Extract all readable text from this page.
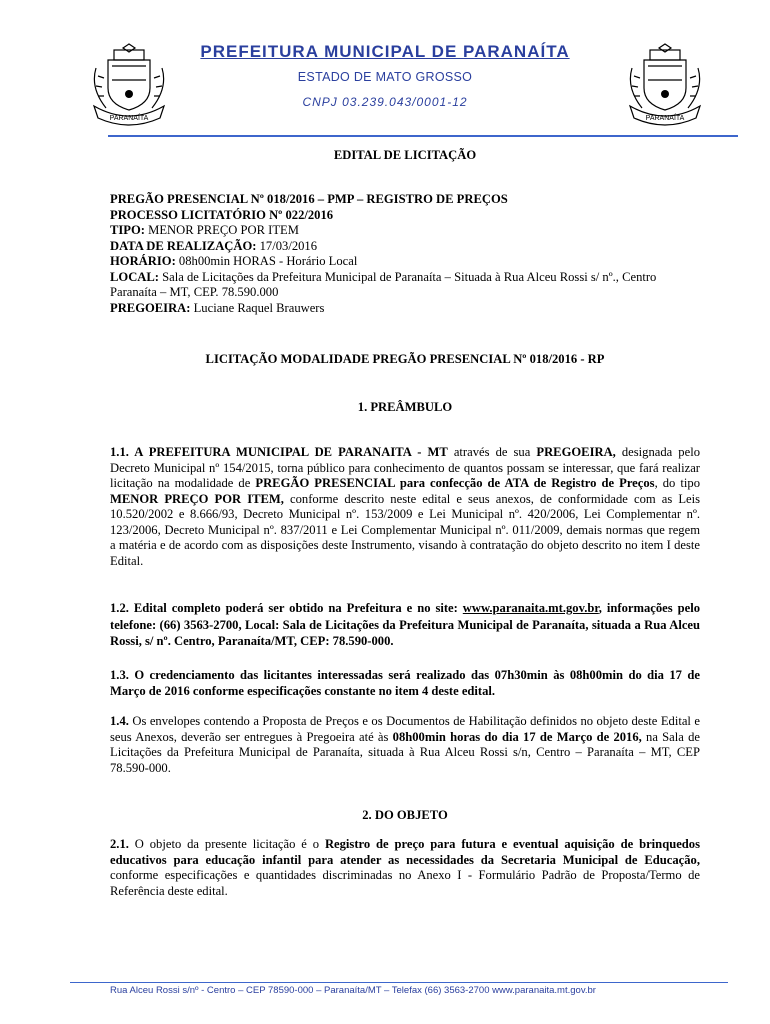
PARANAÍTA	PARANAÍTA
PREFEITURA MUNICIPAL DE PARANAÍTA
ESTADO DE MATO GROSSO
CNPJ 03.239.043/0001-12

EDITAL DE LICITAÇÃO

PREGÃO PRESENCIAL Nº 018/2016 – PMP – REGISTRO DE PREÇOS
PROCESSO LICITATÓRIO Nº 022/2016
TIPO: MENOR PREÇO POR ITEM
DATA DE REALIZAÇÃO: 17/03/2016
HORÁRIO: 08h00min HORAS - Horário Local
LOCAL: Sala de Licitações da Prefeitura Municipal de Paranaíta – Situada à Rua Alceu Rossi s/ nº., Centro Paranaíta – MT, CEP. 78.590.000
PREGOEIRA: Luciane Raquel Brauwers

LICITAÇÃO MODALIDADE PREGÃO PRESENCIAL Nº 018/2016 - RP

1. PREÂMBULO

1.1. A PREFEITURA MUNICIPAL DE PARANAITA - MT através de sua PREGOEIRA, designada pelo Decreto Municipal nº 154/2015, torna público para conhecimento de quantos possam se interessar, que fará realizar licitação na modalidade de PREGÃO PRESENCIAL para confecção de ATA de Registro de Preços, do tipo MENOR PREÇO POR ITEM, conforme descrito neste edital e seus anexos, de conformidade com as Leis 10.520/2002 e 8.666/93, Decreto Municipal nº. 153/2009 e Lei Municipal nº. 420/2006, Lei Complementar nº. 123/2006, Decreto Municipal nº. 837/2011 e Lei Complementar Municipal nº. 011/2009, demais normas que regem a matéria e de acordo com as disposições deste Instrumento, visando à contratação do objeto descrito no item I deste Edital.

1.2. Edital completo poderá ser obtido na Prefeitura e no site: www.paranaita.mt.gov.br, informações pelo telefone: (66) 3563-2700, Local: Sala de Licitações da Prefeitura Municipal de Paranaíta, situada a Rua Alceu Rossi, s/ nº. Centro, Paranaíta/MT, CEP: 78.590-000.

1.3. O credenciamento das licitantes interessadas será realizado das 07h30min às 08h00min do dia 17 de Março de 2016 conforme especificações constante no item 4 deste edital.

1.4. Os envelopes contendo a Proposta de Preços e os Documentos de Habilitação definidos no objeto deste Edital e seus Anexos, deverão ser entregues à Pregoeira até às 08h00min horas do dia 17 de Março de 2016, na Sala de Licitações da Prefeitura Municipal de Paranaíta, situada à Rua Alceu Rossi s/n, Centro – Paranaíta – MT, CEP 78.590-000.

2. DO OBJETO

2.1. O objeto da presente licitação é o Registro de preço para futura e eventual aquisição de brinquedos educativos para educação infantil para atender as necessidades da Secretaria Municipal de Educação, conforme especificações e quantidades discriminadas no Anexo I - Formulário Padrão de Proposta/Termo de Referência deste edital.

Rua Alceu Rossi s/nº - Centro – CEP 78590-000 – Paranaíta/MT – Telefax (66) 3563-2700 www.paranaita.mt.gov.br
